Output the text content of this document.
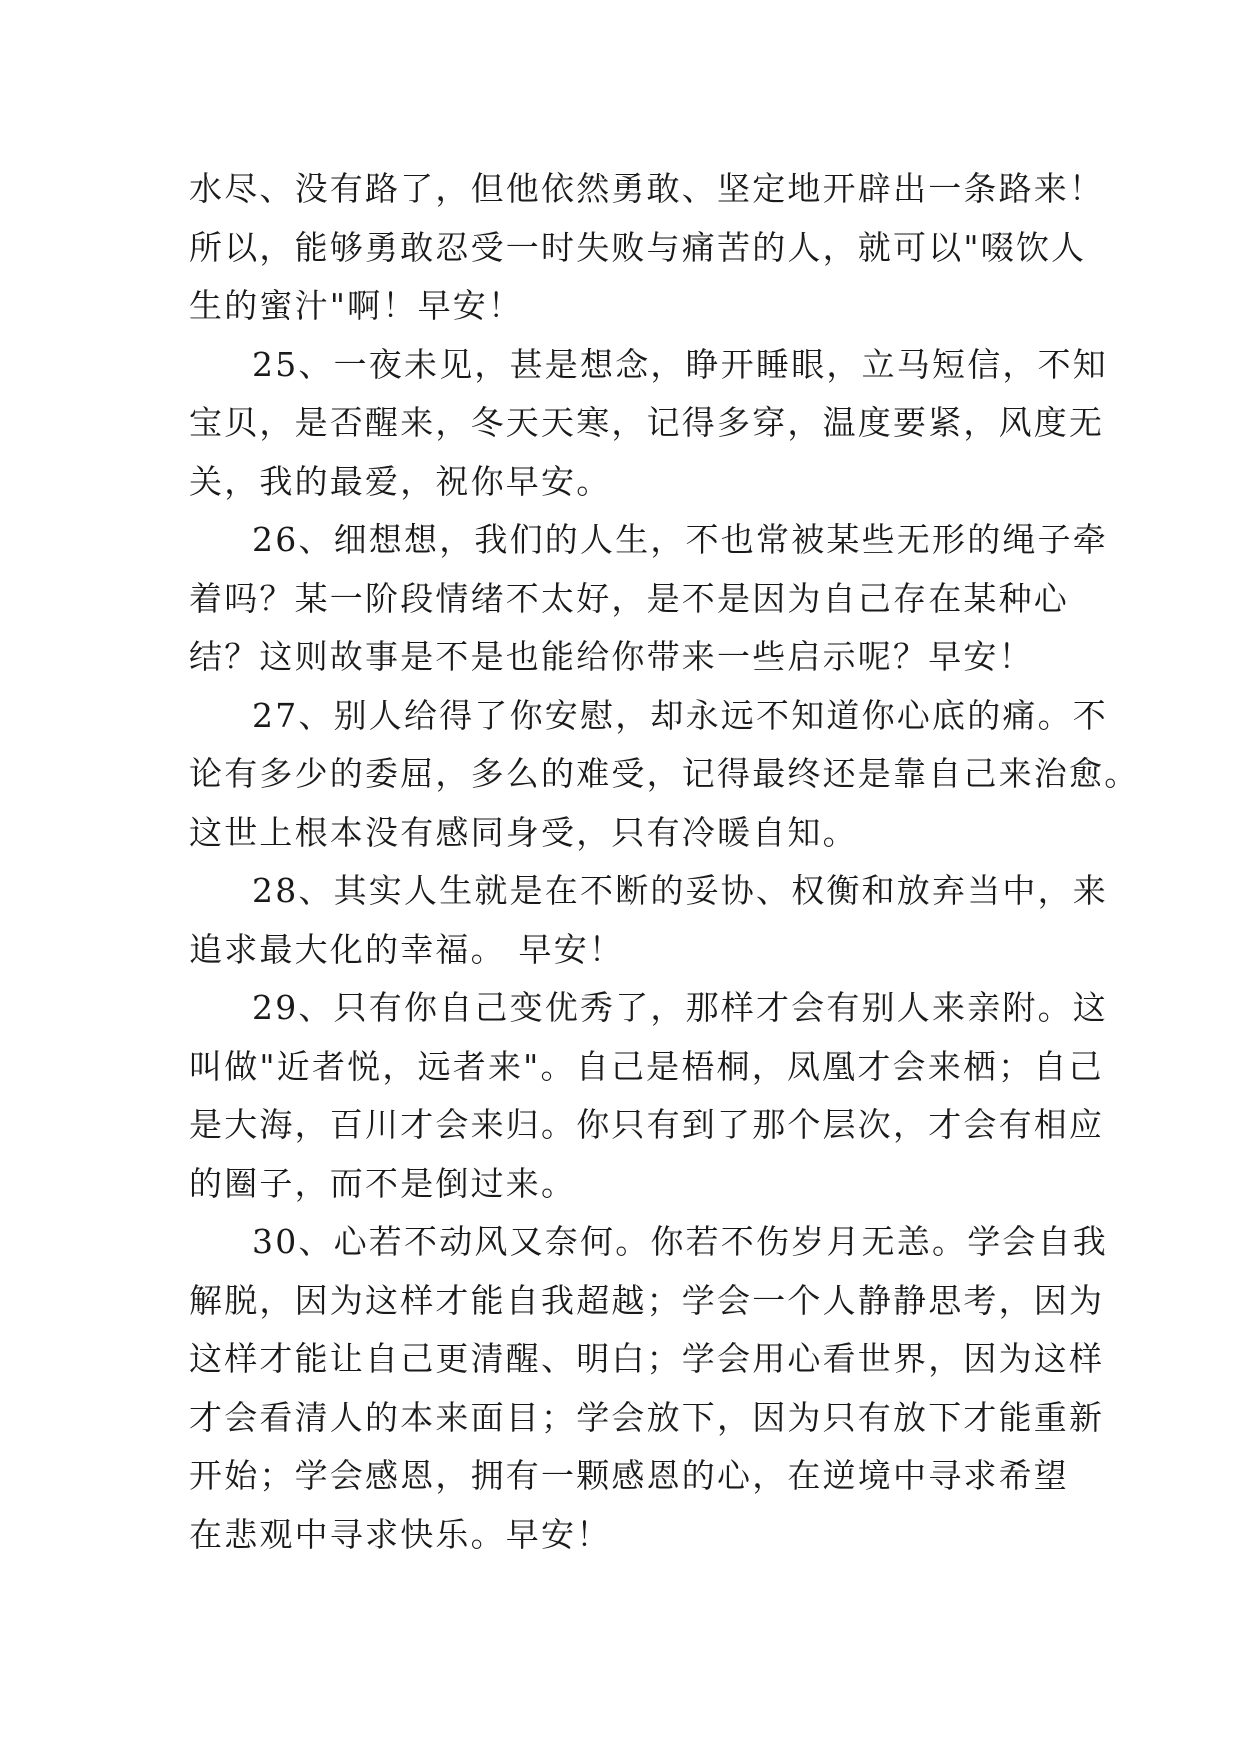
水尽、没有路了，但他依然勇敢、坚定地开辟出一条路来！
所以，能够勇敢忍受一时失败与痛苦的人，就可以"啜饮人
生的蜜汁"啊！早安！
25、一夜未见，甚是想念，睁开睡眼，立马短信，不知
宝贝，是否醒来，冬天天寒，记得多穿，温度要紧，风度无
关，我的最爱，祝你早安。
26、细想想，我们的人生，不也常被某些无形的绳子牵
着吗？某一阶段情绪不太好，是不是因为自己存在某种心
结？这则故事是不是也能给你带来一些启示呢？早安！
27、别人给得了你安慰，却永远不知道你心底的痛。不
论有多少的委屈，多么的难受，记得最终还是靠自己来治愈。
这世上根本没有感同身受，只有冷暖自知。
28、其实人生就是在不断的妥协、权衡和放弃当中，来
追求最大化的幸福。 早安！
29、只有你自己变优秀了，那样才会有别人来亲附。这
叫做"近者悦，远者来"。自己是梧桐，凤凰才会来栖；自己
是大海，百川才会来归。你只有到了那个层次，才会有相应
的圈子，而不是倒过来。
30、心若不动风又奈何。你若不伤岁月无恙。学会自我
解脱，因为这样才能自我超越；学会一个人静静思考，因为
这样才能让自己更清醒、明白；学会用心看世界，因为这样
才会看清人的本来面目；学会放下，因为只有放下才能重新
开始；学会感恩，拥有一颗感恩的心，在逆境中寻求希望
在悲观中寻求快乐。早安！
